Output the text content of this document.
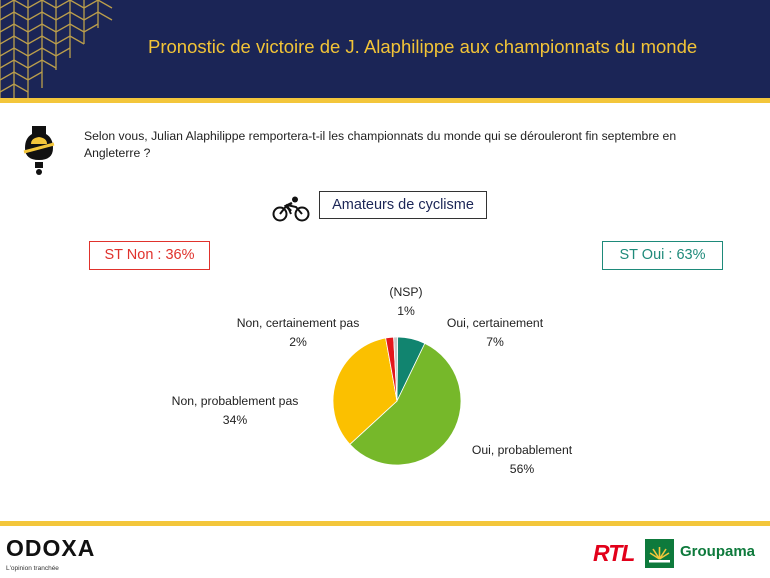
Pronostic de victoire de J. Alaphilippe aux championnats du monde
Selon vous, Julian Alaphilippe remportera-t-il les championnats du monde qui se dérouleront fin septembre en Angleterre ?
Amateurs de cyclisme
ST Non : 36%	ST Oui : 63%
(NSP)
1%
Oui, certainement
7%
Oui, probablement
56%
Non, probablement pas
34%
Non, certainement pas
2%
ODOXA
L'opinion tranchée
RTL	Groupama
